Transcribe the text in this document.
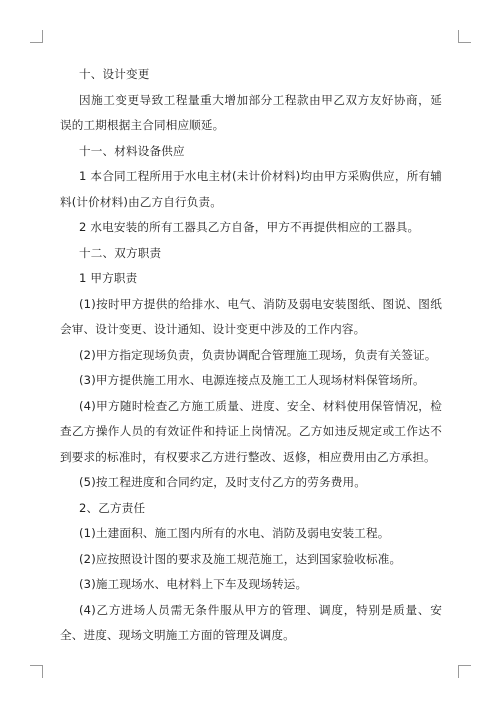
十、设计变更

因施工变更导致工程量重大增加部分工程款由甲乙双方友好协商，延误的工期根据主合同相应顺延。

十一、材料设备供应

1 本合同工程所用于水电主材(未计价材料)均由甲方采购供应，所有辅料(计价材料)由乙方自行负责。

2 水电安装的所有工器具乙方自备，甲方不再提供相应的工器具。

十二、双方职责

1 甲方职责

(1)按时甲方提供的给排水、电气、消防及弱电安装图纸、图说、图纸会审、设计变更、设计通知、设计变更中涉及的工作内容。

(2)甲方指定现场负责，负责协调配合管理施工现场，负责有关签证。

(3)甲方提供施工用水、电源连接点及施工工人现场材料保管场所。

(4)甲方随时检查乙方施工质量、进度、安全、材料使用保管情况，检查乙方操作人员的有效证件和持证上岗情况。乙方如违反规定或工作达不到要求的标准时，有权要求乙方进行整改、返修，相应费用由乙方承担。

(5)按工程进度和合同约定，及时支付乙方的劳务费用。

2、乙方责任

(1)土建面积、施工图内所有的水电、消防及弱电安装工程。

(2)应按照设计图的要求及施工规范施工，达到国家验收标准。

(3)施工现场水、电材料上下车及现场转运。

(4)乙方进场人员需无条件服从甲方的管理、调度，特别是质量、安全、进度、现场文明施工方面的管理及调度。
